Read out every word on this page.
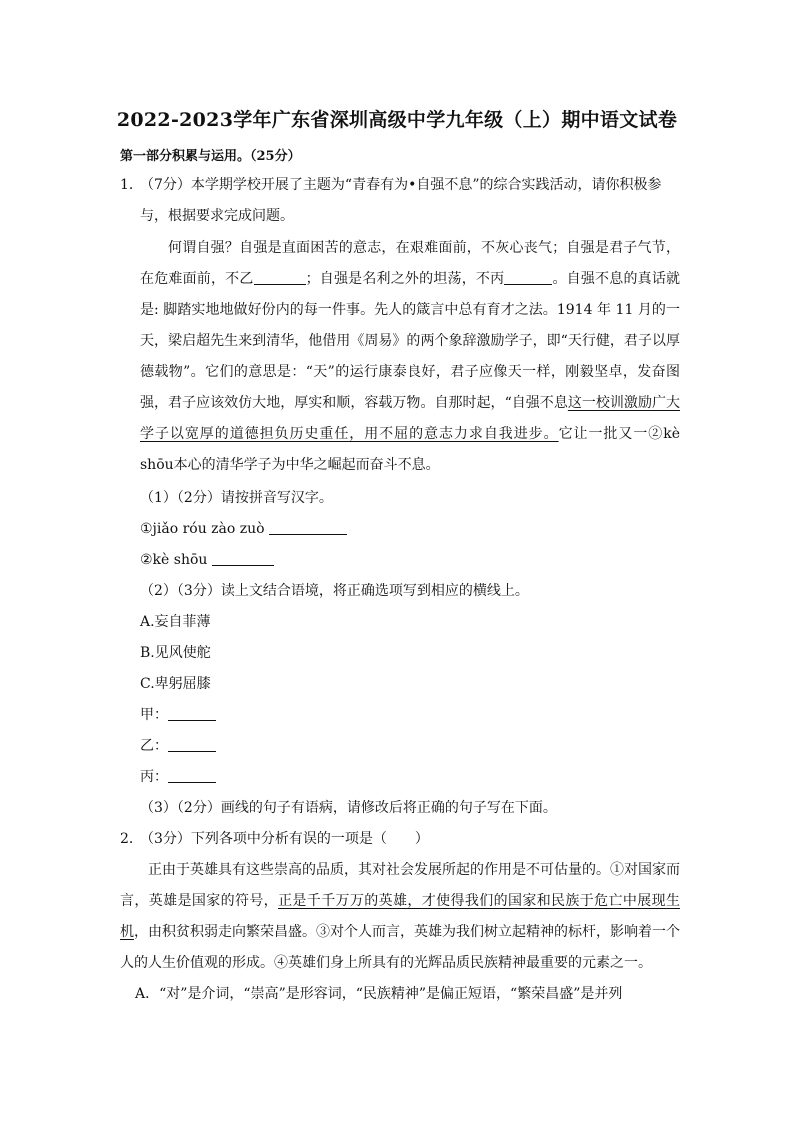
2022-2023学年广东省深圳高级中学九年级（上）期中语文试卷
第一部分积累与运用。（25分）
1．（7分）本学期学校开展了主题为“青春有为•自强不息”的综合实践活动，请你积极参
与，根据要求完成问题。
何谓自强？自强是直面困苦的意志，在艰难面前，不灰心丧气；自强是君子气节，在危难面前，不乙	；自强是名利之外的坦荡，不丙	。自强不息的真话就是: 脚踏实地地做好份内的每一件事。先人的箴言中总有育才之法。1914 年 11 月的一天，梁启超先生来到清华，他借用《周易》的两个象辞激励学子，即“天行健，君子以厚德载物”。它们的意思是：“天”的运行康泰良好，君子应像天一样，刚毅坚卓，发奋图强，君子应该效仿大地，厚实和顺，容载万物。自那时起，“自强不息这一校训激励广大学子以宽厚的道德担负历史重任，用不屈的意志力求自我进步。它让一批又一②kè shōu本心的清华学子为中华之崛起而奋斗不息。
（1）（2分）请按拼音写汉字。
①jiǎo róu zào zuò
②kè shōu
（2）（3分）读上文结合语境，将正确选项写到相应的横线上。
A.妄自菲薄
B.见风使舵
C.卑躬屈膝
甲：
乙：
丙：
（3）（2分）画线的句子有语病，请修改后将正确的句子写在下面。
2．（3分）下列各项中分析有误的一项是（　　）
正由于英雄具有这些崇高的品质，其对社会发展所起的作用是不可估量的。①对国家而言，英雄是国家的符号，正是千千万万的英雄，才使得我们的国家和民族于危亡中展现生机，由积贫积弱走向繁荣昌盛。③对个人而言，英雄为我们树立起精神的标杆，影响着一个人的人生价值观的形成。④英雄们身上所具有的光辉品质民族精神最重要的元素之一。
A．“对”是介词，“崇高”是形容词，“民族精神”是偏正短语，“繁荣昌盛”是并列
